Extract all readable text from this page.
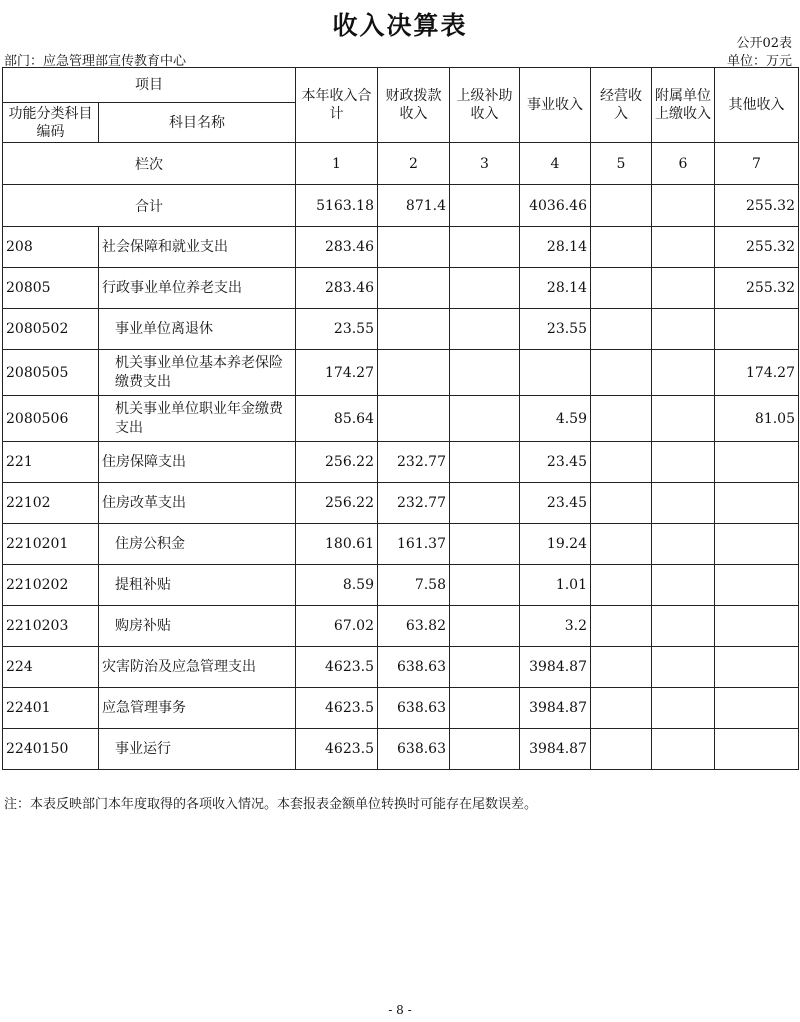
收入决算表
公开02表
部门：应急管理部宣传教育中心	单位：万元
项目		本年收入合计	财政拨款收入	上级补助收入	事业收入	经营收入	附属单位上缴收入	其他收入
功能分类科目编码	科目名称							
栏次		1	2	3	4	5	6	7
合计		5163.18	871.4		4036.46			255.32
208	社会保障和就业支出	283.46			28.14			255.32
20805	行政事业单位养老支出	283.46			28.14			255.32
2080502	事业单位离退休	23.55			23.55			
2080505	机关事业单位基本养老保险缴费支出	174.27						174.27
2080506	机关事业单位职业年金缴费支出	85.64			4.59			81.05
221	住房保障支出	256.22	232.77		23.45			
22102	住房改革支出	256.22	232.77		23.45			
2210201	住房公积金	180.61	161.37		19.24			
2210202	提租补贴	8.59	7.58		1.01			
2210203	购房补贴	67.02	63.82		3.2			
224	灾害防治及应急管理支出	4623.5	638.63		3984.87			
22401	应急管理事务	4623.5	638.63		3984.87			
2240150	事业运行	4623.5	638.63		3984.87			
注：本表反映部门本年度取得的各项收入情况。本套报表金额单位转换时可能存在尾数误差。
- 8 -
